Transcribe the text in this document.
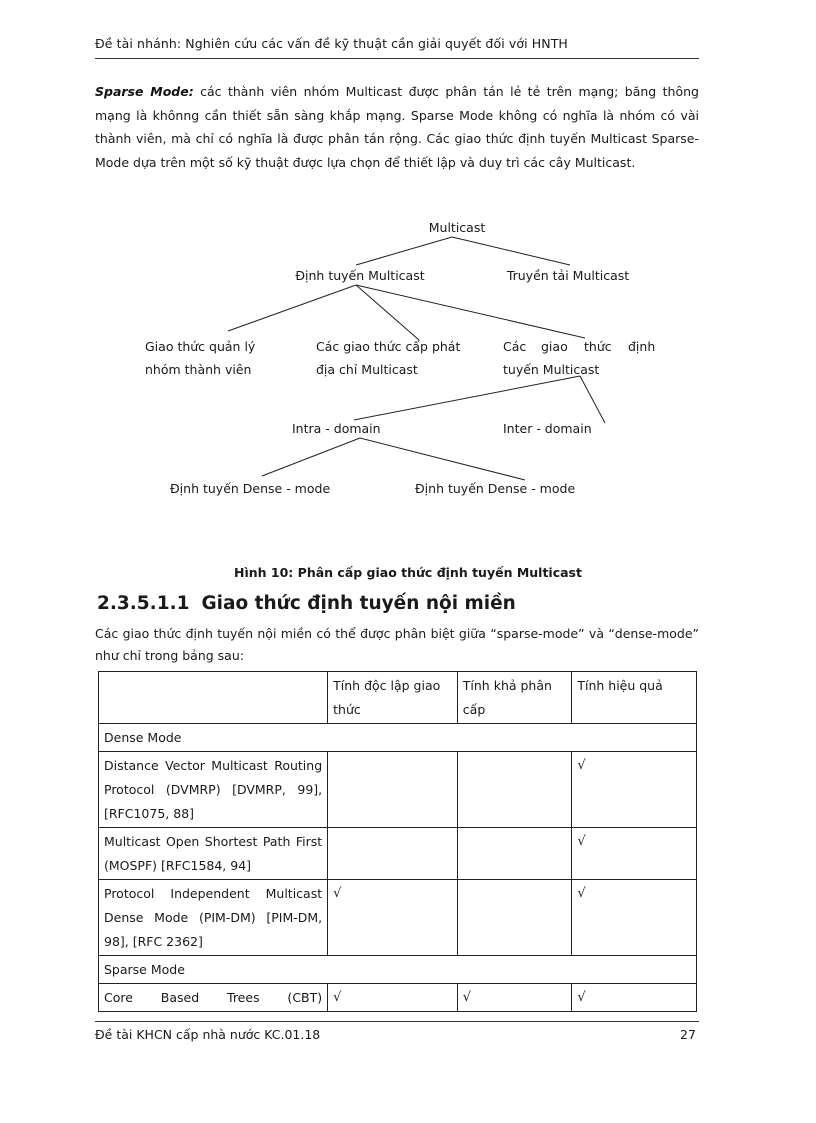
Đề tài nhánh: Nghiên cứu các vấn đề kỹ thuật cần giải quyết đối với HNTH
Sparse Mode: các thành viên nhóm Multicast được phân tán lẻ tẻ trên mạng; băng thông mạng là khônng cần thiết sẵn sàng khắp mạng. Sparse Mode không có nghĩa là nhóm có vài thành viên, mà chỉ có nghĩa là được phân tán rộng. Các giao thức định tuyến Multicast Sparse-Mode dựa trên một số kỹ thuật được lựa chọn để thiết lập và duy trì các cây Multicast.
Multicast
Định tuyến Multicast	Truyền tải Multicast
Giao thức quản lý
nhóm thành viên
Các giao thức cấp phát
địa chỉ Multicast
Các giao thức định
tuyến Multicast
Intra - domain	Inter - domain
Định tuyến Dense - mode	Định tuyến Dense - mode
Hình 10: Phân cấp giao thức định tuyến Multicast
2.3.5.1.1 Giao thức định tuyến nội miền
Các giao thức định tuyến nội miền có thể được phân biệt giữa “sparse-mode” và “dense-mode” như chỉ trong bảng sau:
	Tính độc lập giao thức	Tính khả phân cấp	Tính hiệu quả
Dense Mode			
Distance Vector Multicast Routing Protocol (DVMRP) [DVMRP, 99],[RFC1075, 88]			√
Multicast Open Shortest Path First (MOSPF) [RFC1584, 94]			√
Protocol Independent Multicast Dense Mode (PIM-DM) [PIM-DM, 98], [RFC 2362]	√		√
Sparse Mode			
Core Based Trees (CBT)	√	√	√
Đề tài KHCN cấp nhà nước KC.01.18	27
